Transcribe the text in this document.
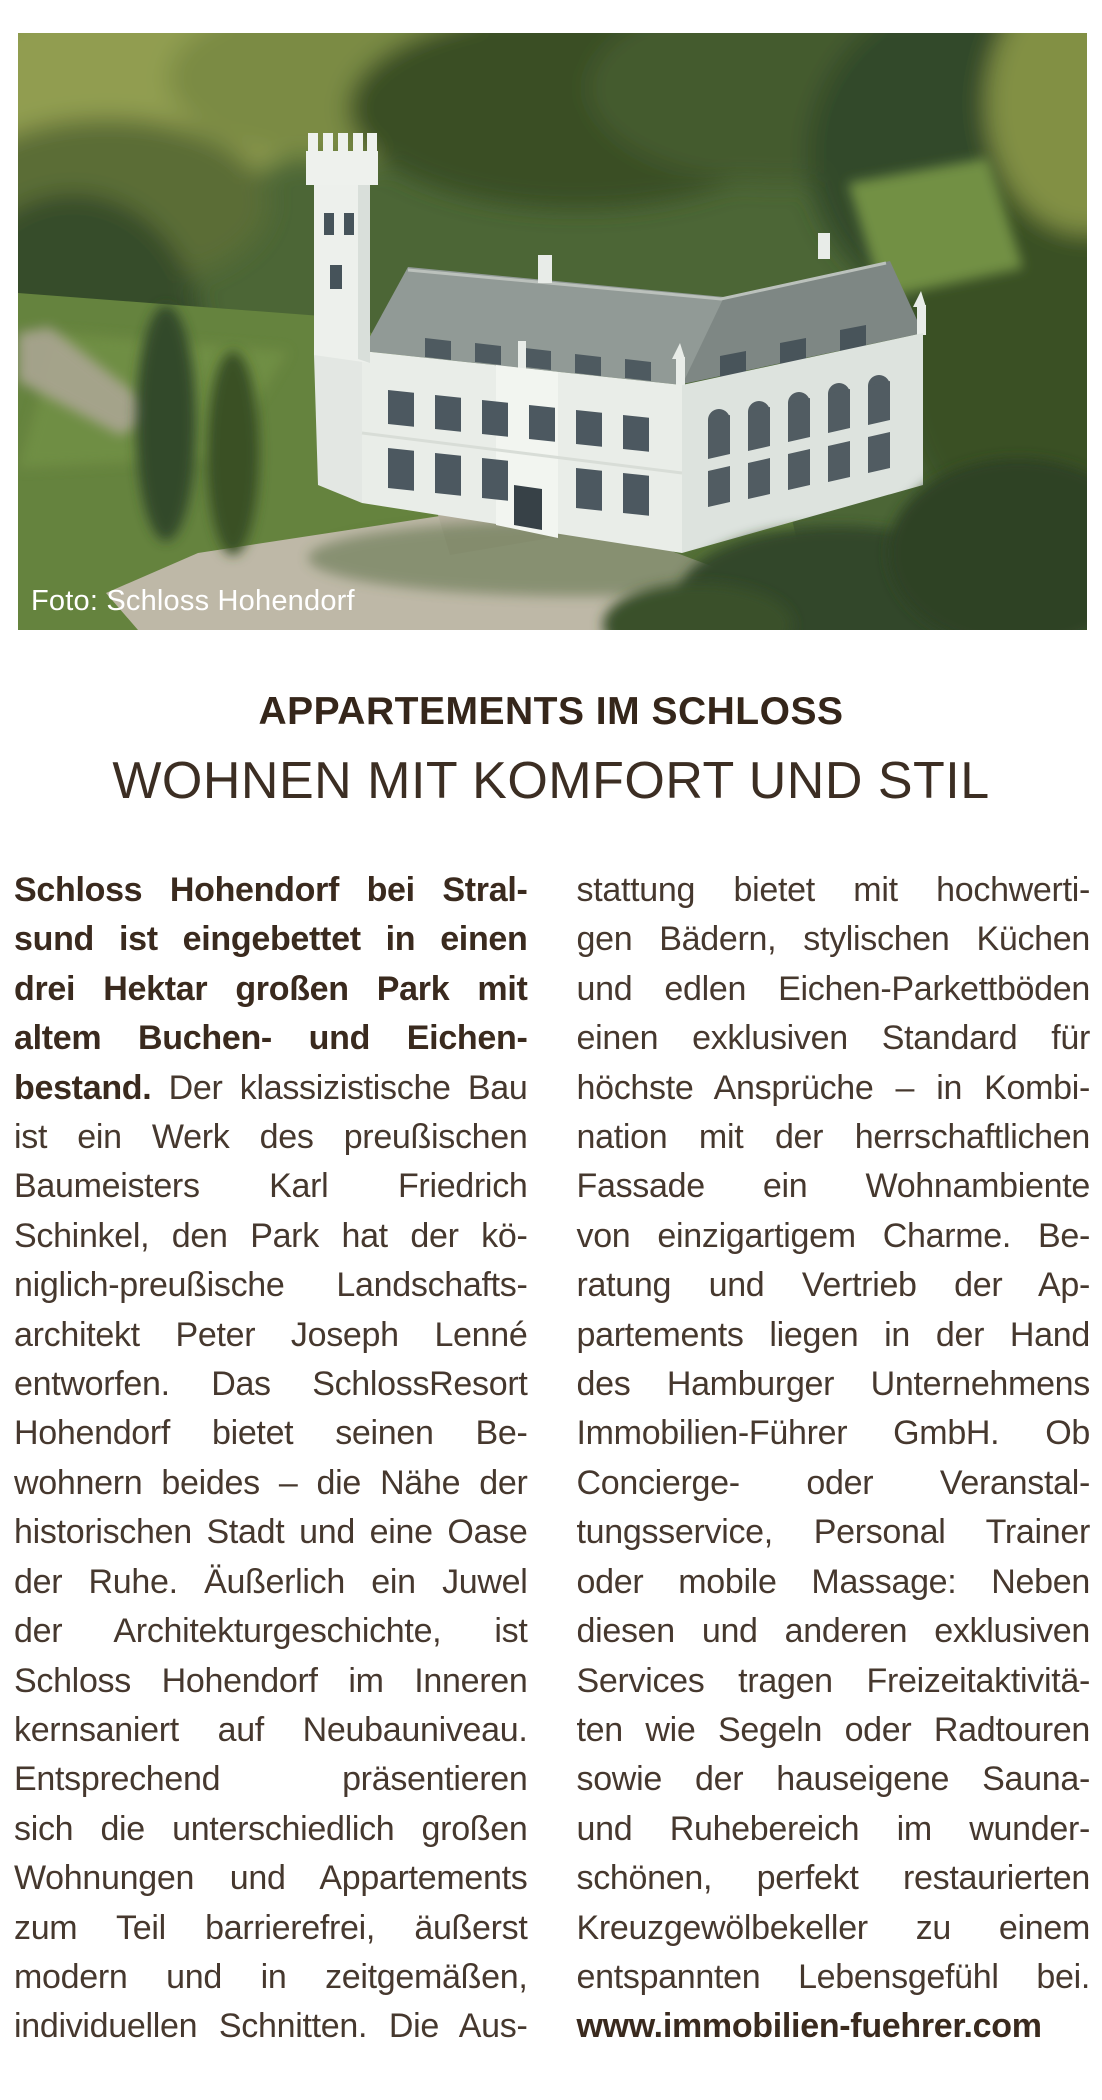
Foto: Schloss Hohendorf
APPARTEMENTS IM SCHLOSS
WOHNEN MIT KOMFORT UND STIL
Schloss Hohendorf bei Stral-
sund ist eingebettet in einen
drei Hektar großen Park mit
altem Buchen- und Eichen-
bestand. Der klassizistische Bau
ist ein Werk des preußischen
Baumeisters Karl Friedrich
Schinkel, den Park hat der kö-
niglich-preußische Landschafts-
architekt Peter Joseph Lenné
entworfen. Das SchlossResort
Hohendorf bietet seinen Be-
wohnern beides – die Nähe der
historischen Stadt und eine Oase
der Ruhe. Äußerlich ein Juwel
der Architekturgeschichte, ist
Schloss Hohendorf im Inneren
kernsaniert auf Neubauniveau.
Entsprechend präsentieren
sich die unterschiedlich großen
Wohnungen und Appartements
zum Teil barrierefrei, äußerst
modern und in zeitgemäßen,
individuellen Schnitten. Die Aus-
stattung bietet mit hochwerti-
gen Bädern, stylischen Küchen
und edlen Eichen-Parkettböden
einen exklusiven Standard für
höchste Ansprüche – in Kombi-
nation mit der herrschaftlichen
Fassade ein Wohnambiente
von einzigartigem Charme. Be-
ratung und Vertrieb der Ap-
partements liegen in der Hand
des Hamburger Unternehmens
Immobilien-Führer GmbH. Ob
Concierge- oder Veranstal-
tungsservice, Personal Trainer
oder mobile Massage: Neben
diesen und anderen exklusiven
Services tragen Freizeitaktivitä-
ten wie Segeln oder Radtouren
sowie der hauseigene Sauna-
und Ruhebereich im wunder-
schönen, perfekt restaurierten
Kreuzgewölbekeller zu einem
entspannten Lebensgefühl bei.
www.immobilien-fuehrer.com
